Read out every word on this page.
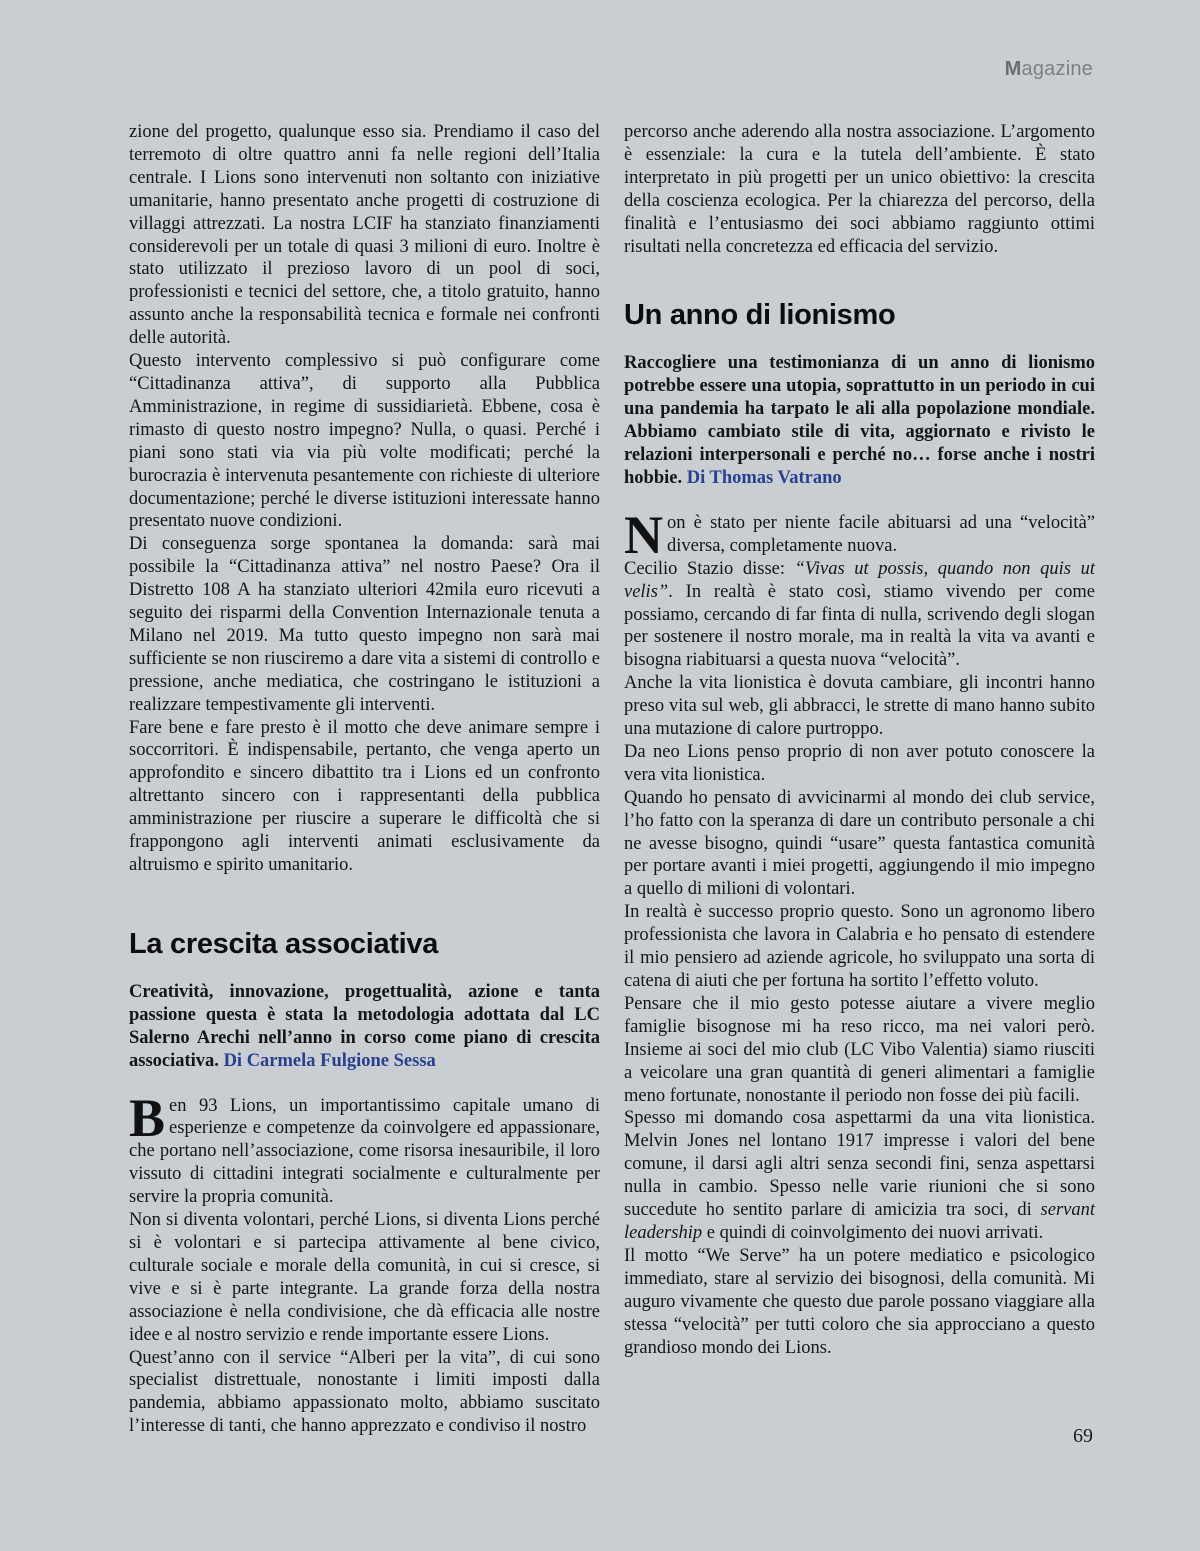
Magazine

zione del progetto, qualunque esso sia. Prendiamo il caso del terremoto di oltre quattro anni fa nelle regioni dell’Italia centrale. I Lions sono intervenuti non soltanto con iniziative umanitarie, hanno presentato anche progetti di costruzione di villaggi attrezzati. La nostra LCIF ha stanziato finanziamenti considerevoli per un totale di quasi 3 milioni di euro. Inoltre è stato utilizzato il prezioso lavoro di un pool di soci, professionisti e tecnici del settore, che, a titolo gratuito, hanno assunto anche la responsabilità tecnica e formale nei confronti delle autorità.

Questo intervento complessivo si può configurare come “Cittadinanza attiva”, di supporto alla Pubblica Amministrazione, in regime di sussidiarietà. Ebbene, cosa è rimasto di questo nostro impegno? Nulla, o quasi. Perché i piani sono stati via via più volte modificati; perché la burocrazia è intervenuta pesantemente con richieste di ulteriore documentazione; perché le diverse istituzioni interessate hanno presentato nuove condizioni.

Di conseguenza sorge spontanea la domanda: sarà mai possibile la “Cittadinanza attiva” nel nostro Paese? Ora il Distretto 108 A ha stanziato ulteriori 42mila euro ricevuti a seguito dei risparmi della Convention Internazionale tenuta a Milano nel 2019. Ma tutto questo impegno non sarà mai sufficiente se non riusciremo a dare vita a sistemi di controllo e pressione, anche mediatica, che costringano le istituzioni a realizzare tempestivamente gli interventi.

Fare bene e fare presto è il motto che deve animare sempre i soccorritori. È indispensabile, pertanto, che venga aperto un approfondito e sincero dibattito tra i Lions ed un confronto altrettanto sincero con i rappresentanti della pubblica amministrazione per riuscire a superare le difficoltà che si frappongono agli interventi animati esclusivamente da altruismo e spirito umanitario.

La crescita associativa

Creatività, innovazione, progettualità, azione e tanta passione questa è stata la metodologia adottata dal LC Salerno Arechi nell’anno in corso come piano di crescita associativa. Di Carmela Fulgione Sessa

Ben 93 Lions, un importantissimo capitale umano di esperienze e competenze da coinvolgere ed appassionare, che portano nell’associazione, come risorsa inesauribile, il loro vissuto di cittadini integrati socialmente e culturalmente per servire la propria comunità.

Non si diventa volontari, perché Lions, si diventa Lions perché si è volontari e si partecipa attivamente al bene civico, culturale sociale e morale della comunità, in cui si cresce, si vive e si è parte integrante. La grande forza della nostra associazione è nella condivisione, che dà efficacia alle nostre idee e al nostro servizio e rende importante essere Lions.

Quest’anno con il service “Alberi per la vita”, di cui sono specialist distrettuale, nonostante i limiti imposti dalla pandemia, abbiamo appassionato molto, abbiamo suscitato l’interesse di tanti, che hanno apprezzato e condiviso il nostro

percorso anche aderendo alla nostra associazione. L’argomento è essenziale: la cura e la tutela dell’ambiente. È stato interpretato in più progetti per un unico obiettivo: la crescita della coscienza ecologica. Per la chiarezza del percorso, della finalità e l’entusiasmo dei soci abbiamo raggiunto ottimi risultati nella concretezza ed efficacia del servizio.

Un anno di lionismo

Raccogliere una testimonianza di un anno di lionismo potrebbe essere una utopia, soprattutto in un periodo in cui una pandemia ha tarpato le ali alla popolazione mondiale. Abbiamo cambiato stile di vita, aggiornato e rivisto le relazioni interpersonali e perché no… forse anche i nostri hobbie. Di Thomas Vatrano

Non è stato per niente facile abituarsi ad una “velocità” diversa, completamente nuova.

Cecilio Stazio disse: “Vivas ut possis, quando non quis ut velis”. In realtà è stato così, stiamo vivendo per come possiamo, cercando di far finta di nulla, scrivendo degli slogan per sostenere il nostro morale, ma in realtà la vita va avanti e bisogna riabituarsi a questa nuova “velocità”.

Anche la vita lionistica è dovuta cambiare, gli incontri hanno preso vita sul web, gli abbracci, le strette di mano hanno subito una mutazione di calore purtroppo.

Da neo Lions penso proprio di non aver potuto conoscere la vera vita lionistica.

Quando ho pensato di avvicinarmi al mondo dei club service, l’ho fatto con la speranza di dare un contributo personale a chi ne avesse bisogno, quindi “usare” questa fantastica comunità per portare avanti i miei progetti, aggiungendo il mio impegno a quello di milioni di volontari.

In realtà è successo proprio questo. Sono un agronomo libero professionista che lavora in Calabria e ho pensato di estendere il mio pensiero ad aziende agricole, ho sviluppato una sorta di catena di aiuti che per fortuna ha sortito l’effetto voluto.

Pensare che il mio gesto potesse aiutare a vivere meglio famiglie bisognose mi ha reso ricco, ma nei valori però. Insieme ai soci del mio club (LC Vibo Valentia) siamo riusciti a veicolare una gran quantità di generi alimentari a famiglie meno fortunate, nonostante il periodo non fosse dei più facili.

Spesso mi domando cosa aspettarmi da una vita lionistica. Melvin Jones nel lontano 1917 impresse i valori del bene comune, il darsi agli altri senza secondi fini, senza aspettarsi nulla in cambio. Spesso nelle varie riunioni che si sono succedute ho sentito parlare di amicizia tra soci, di servant leadership e quindi di coinvolgimento dei nuovi arrivati.

Il motto “We Serve” ha un potere mediatico e psicologico immediato, stare al servizio dei bisognosi, della comunità. Mi auguro vivamente che questo due parole possano viaggiare alla stessa “velocità” per tutti coloro che sia approcciano a questo grandioso mondo dei Lions.

69
